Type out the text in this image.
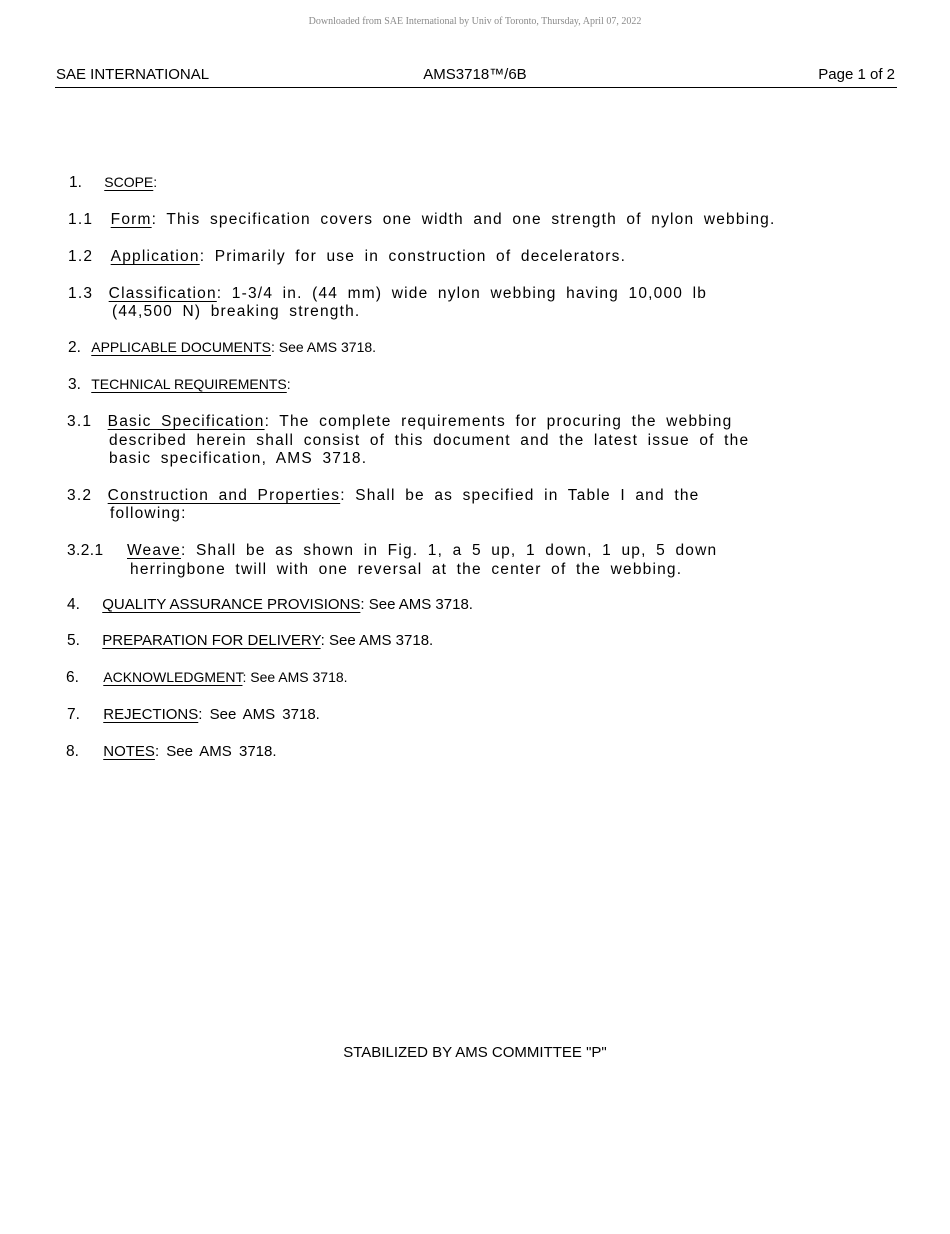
Downloaded from SAE International by Univ of Toronto, Thursday, April 07, 2022
SAE INTERNATIONAL	AMS3718™/6B	Page 1 of 2
1. SCOPE:
1.1 Form: This specification covers one width and one strength of nylon webbing.
1.2 Application: Primarily for use in construction of decelerators.
1.3 Classification: 1-3/4 in. (44 mm) wide nylon webbing having 10,000 lb
(44,500 N) breaking strength.
2. APPLICABLE DOCUMENTS: See AMS 3718.
3. TECHNICAL REQUIREMENTS:
3.1 Basic Specification: The complete requirements for procuring the webbing
described herein shall consist of this document and the latest issue of the
basic specification, AMS 3718.
3.2 Construction and Properties: Shall be as specified in Table I and the
following:
3.2.1 Weave: Shall be as shown in Fig. 1, a 5 up, 1 down, 1 up, 5 down
herringbone twill with one reversal at the center of the webbing.
4. QUALITY ASSURANCE PROVISIONS: See AMS 3718.
5. PREPARATION FOR DELIVERY: See AMS 3718.
6. ACKNOWLEDGMENT: See AMS 3718.
7. REJECTIONS: See AMS 3718.
8. NOTES: See AMS 3718.
STABILIZED BY AMS COMMITTEE "P"
